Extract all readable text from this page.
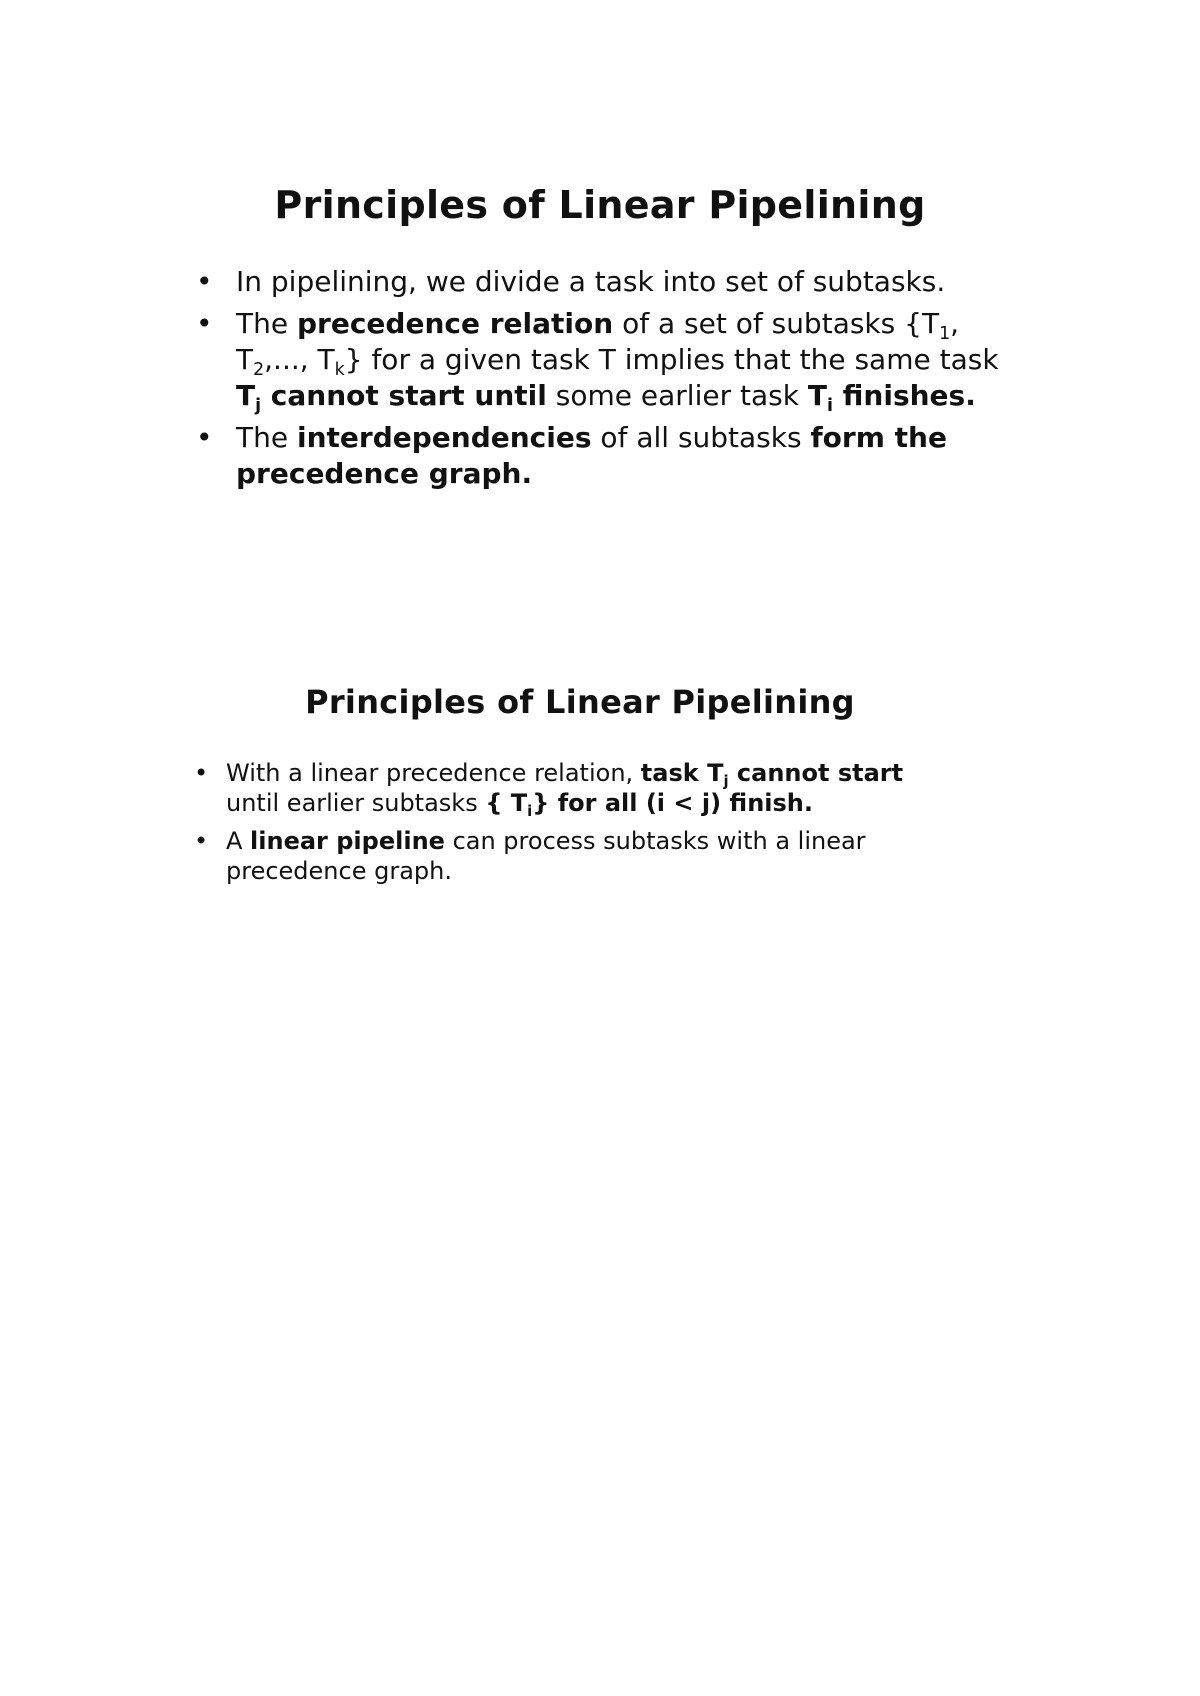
Principles of Linear Pipelining
• In pipelining, we divide a task into set of subtasks.
• The precedence relation of a set of subtasks {$T_1$, $T_2$,..., $T_k$} for a given task T implies that the same task $T_j$ cannot start until some earlier task $T_i$ finishes.
• The interdependencies of all subtasks form the precedence graph.
Principles of Linear Pipelining
• With a linear precedence relation, task $T_j$ cannot start until earlier subtasks { $T_i$} for all (i < j) finish.
• A linear pipeline can process subtasks with a linear precedence graph.
